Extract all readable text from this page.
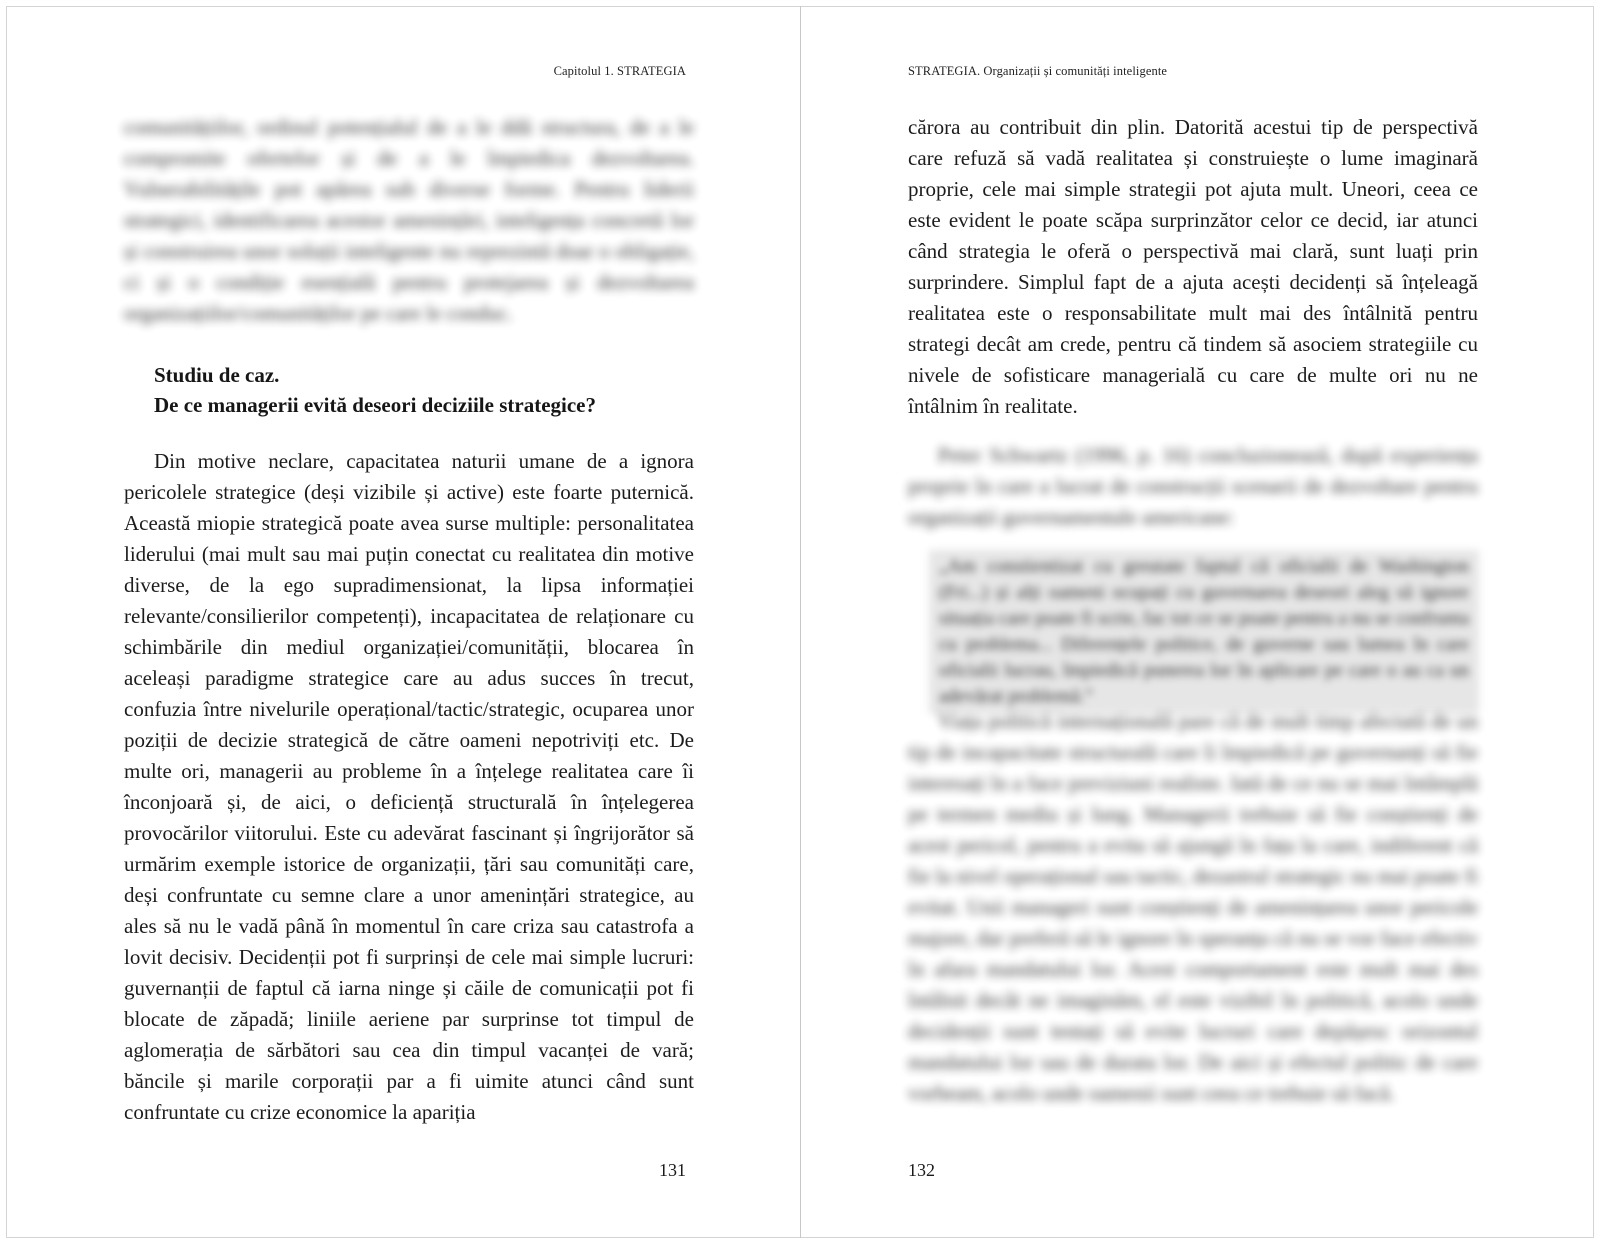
Capitolul 1. STRATEGIA
comunitățiilor, ordinul potențialul de a le ddă structura, de a le compromite ofertelor și de a le împiedica dezvoltarea. Vulnerabilitățile pot apărea sub diverse forme. Pentru liderii strategici, identificarea acestor amenințări, inteligența concretă lor și construirea unor soluții inteligente nu reprezintă doar o obligație, ci și o condiție esențială pentru protejarea și dezvoltarea organizațiilor/comunităților pe care le conduc.
Studiu de caz.
De ce managerii evită deseori deciziile strategice?
Din motive neclare, capacitatea naturii umane de a ignora pericolele strategice (deși vizibile și active) este foarte puternică. Această miopie strategică poate avea surse multiple: personalitatea liderului (mai mult sau mai puțin conectat cu realitatea din motive diverse, de la ego supradimensionat, la lipsa informației relevante/consilierilor competenți), incapacitatea de relaționare cu schimbările din mediul organizației/comunității, blocarea în aceleași paradigme strategice care au adus succes în trecut, confuzia între nivelurile operațional/tactic/strategic, ocuparea unor poziții de decizie strategică de către oameni nepotriviți etc. De multe ori, managerii au probleme în a înțelege realitatea care îi înconjoară și, de aici, o deficiență structurală în înțelegerea provocărilor viitorului. Este cu adevărat fascinant și îngrijorător să urmărim exemple istorice de organizații, țări sau comunități care, deși confruntate cu semne clare a unor amenințări strategice, au ales să nu le vadă până în momentul în care criza sau catastrofa a lovit decisiv. Decidenții pot fi surprinși de cele mai simple lucruri: guvernanții de faptul că iarna ninge și căile de comunicații pot fi blocate de zăpadă; liniile aeriene par surprinse tot timpul de aglomerația de sărbători sau cea din timpul vacanței de vară; băncile și marile corporații par a fi uimite atunci când sunt confruntate cu crize economice la apariția
131
STRATEGIA. Organizații și comunități inteligente
cărora au contribuit din plin. Datorită acestui tip de perspectivă care refuză să vadă realitatea și construiește o lume imaginară proprie, cele mai simple strategii pot ajuta mult. Uneori, ceea ce este evident le poate scăpa surprinzător celor ce decid, iar atunci când strategia le oferă o perspectivă mai clară, sunt luați prin surprindere. Simplul fapt de a ajuta acești decidenți să înțeleagă realitatea este o responsabilitate mult mai des întâlnită pentru strategi decât am crede, pentru că tindem să asociem strategiile cu nivele de sofisticare managerială cu care de multe ori nu ne întâlnim în realitate.
Peter Schwartz (1996, p. 16) concluzionează, după experiența proprie în care a lucrat de construcții scenarii de dezvoltare pentru organizații guvernamentale americane:
„Am constientizat cu greutate faptul că oficialii de Washington (Fri...) și alți oameni ocupați cu guvernarea deseori aleg să ignore situația care poate fi scrie, fac tot ce se poate pentru a nu se confrunta cu problema... Diferențele politice, de guverne sau lumea în care oficialii lucrau, împiedică punerea lor în aplicare pe care o au ca un adevărat problemă.”
Viața politică internațională pare că de mult timp afectată de un tip de incapacitate structurală care îi împiedică pe guvernanți să fie interesați în a face previziuni realiste. Iată de ce nu se mai întâmplă pe termen mediu și lung. Managerii trebuie să fie conștienți de acest pericol, pentru a evita să ajungă în fața la care, indiferent că fie la nivel operațional sau tactic, dezastrul strategic nu mai poate fi evitat. Unii manageri sunt conștienți de amenințarea unor pericole majore, dar preferă să le ignore în speranța că nu se vor face efectiv în afara mandatului lor. Acest comportament este mult mai des întâlnit decât ne imaginăm, el este vizibil în politică, acolo unde decidenții sunt tentați să evite lucruri care depășesc orizontul mandatului lor sau de durata lor. De aici și efectul politic de care vorbeam, acolo unde oamenii sunt ceea ce trebuie să facă.
132
